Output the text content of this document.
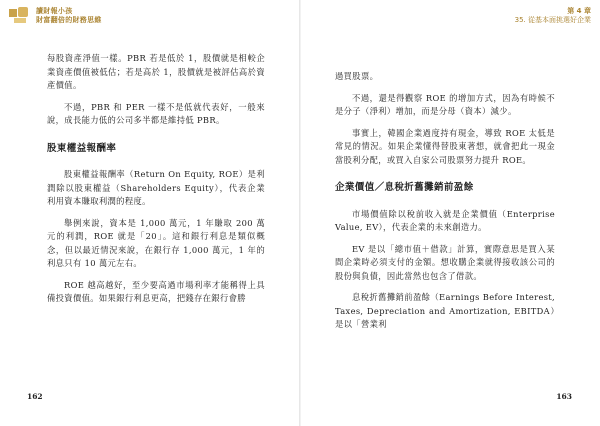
讀財報小孩
財富翻倍的財務思維
第 4 章
35. 從基本面挑選好企業

每股資產淨值一樣。PBR 若是低於 1，股價就是相較企業資產價值被低估；若是高於 1，股價就是被評估高於資產價值。

不過，PBR 和 PER 一樣不是低就代表好，一般來說，成長能力低的公司多半都是維持低 PBR。

股東權益報酬率

股東權益報酬率（Return On Equity, ROE）是利潤除以股東權益（Shareholders Equity），代表企業利用資本賺取利潤的程度。

舉例來說，資本是 1,000 萬元，1 年賺取 200 萬元的利潤，ROE 就是「20」。這和銀行利息是類似概念，但以最近情況來說，在銀行存 1,000 萬元，1 年的利息只有 10 萬元左右。

ROE 越高越好，至少要高過市場利率才能稱得上具備投資價值。如果銀行利息更高，把錢存在銀行會勝

162

過買股票。

不過，還是得觀察 ROE 的增加方式，因為有時候不是分子（淨利）增加，而是分母（資本）減少。

事實上，韓國企業過度持有現金，導致 ROE 太低是常見的情況。如果企業懂得替股東著想，就會把此一現金當股利分配，或買入自家公司股票努力提升 ROE。

企業價值／息稅折舊攤銷前盈餘

市場價值除以稅前收入就是企業價值（Enterprise Value, EV），代表企業的未來創造力。

EV 是以「總市值＋借款」計算，實際意思是買入某間企業時必須支付的金額。想收購企業就得接收該公司的股份與負債，因此當然也包含了借款。

息稅折舊攤銷前盈餘（Earnings Before Interest, Taxes, Depreciation and Amortization, EBITDA）是以「營業利

163
